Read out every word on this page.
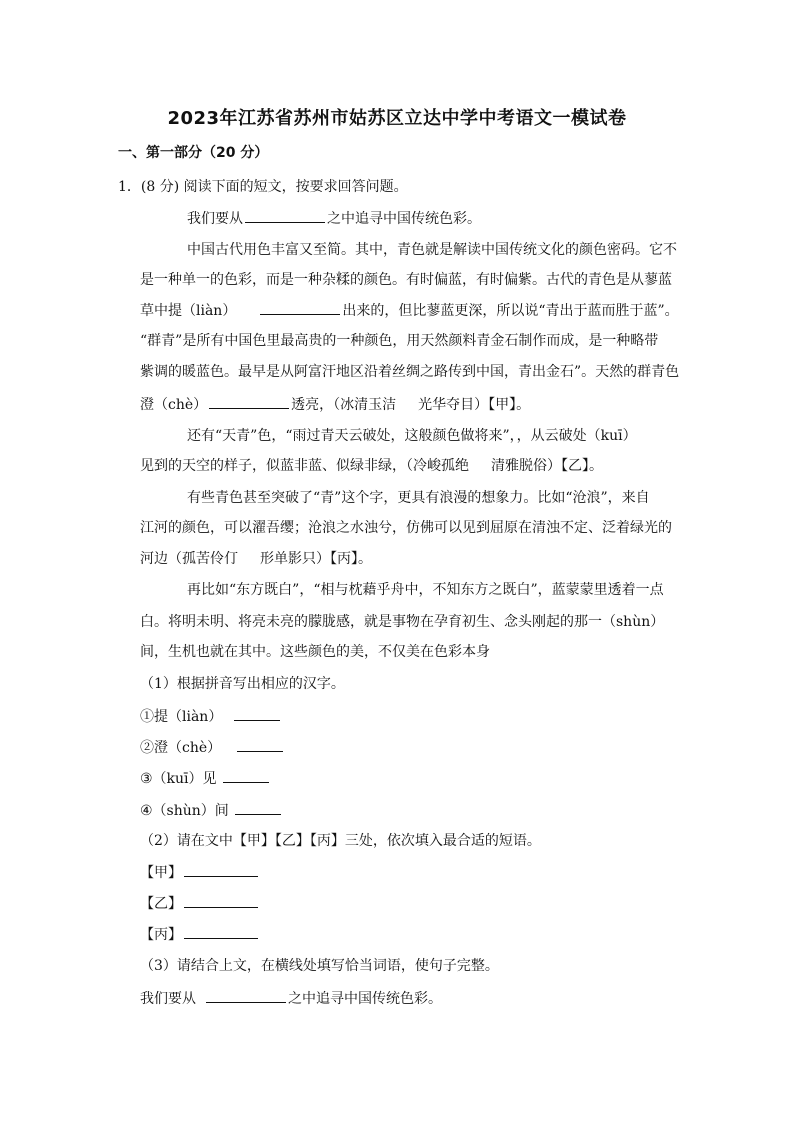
2023年江苏省苏州市姑苏区立达中学中考语文一模试卷
一、第一部分（20 分）
1．(8 分) 阅读下面的短文，按要求回答问题。
我们要从	之中追寻中国传统色彩。
中国古代用色丰富又至简。其中，青色就是解读中国传统文化的颜色密码。它不
是一种单一的色彩，而是一种杂糅的颜色。有时偏蓝，有时偏紫。古代的青色是从蓼蓝
草中提（liàn）	出来的，但比蓼蓝更深，所以说“青出于蓝而胜于蓝”。
“群青”是所有中国色里最高贵的一种颜色，用天然颜料青金石制作而成，是一种略带
紫调的暖蓝色。最早是从阿富汗地区沿着丝绸之路传到中国，青出金石”。天然的群青色
澄（chè）	透亮，（冰清玉洁 光华夺目）【甲】。
还有“天青”色，“雨过青天云破处，这般颜色做将来”，，从云破处（kuī）
见到的天空的样子，似蓝非蓝、似绿非绿，（冷峻孤绝 清雅脱俗）【乙】。
有些青色甚至突破了“青”这个字，更具有浪漫的想象力。比如“沧浪”，来自
江河的颜色，可以濯吾缨；沧浪之水浊兮，仿佛可以见到屈原在清浊不定、泛着绿光的
河边（孤苦伶仃 形单影只）【丙】。
再比如“东方既白”，“相与枕藉乎舟中，不知东方之既白”，蓝蒙蒙里透着一点
白。将明未明、将亮未亮的朦胧感，就是事物在孕育初生、念头刚起的那一（shùn）
间，生机也就在其中。这些颜色的美，不仅美在色彩本身
（1）根据拼音写出相应的汉字。
①提（liàn）
②澄（chè）
③（kuī）见
④（shùn）间
（2）请在文中【甲】【乙】【丙】三处，依次填入最合适的短语。
【甲】
【乙】
【丙】
（3）请结合上文，在横线处填写恰当词语，使句子完整。
我们要从	之中追寻中国传统色彩。
